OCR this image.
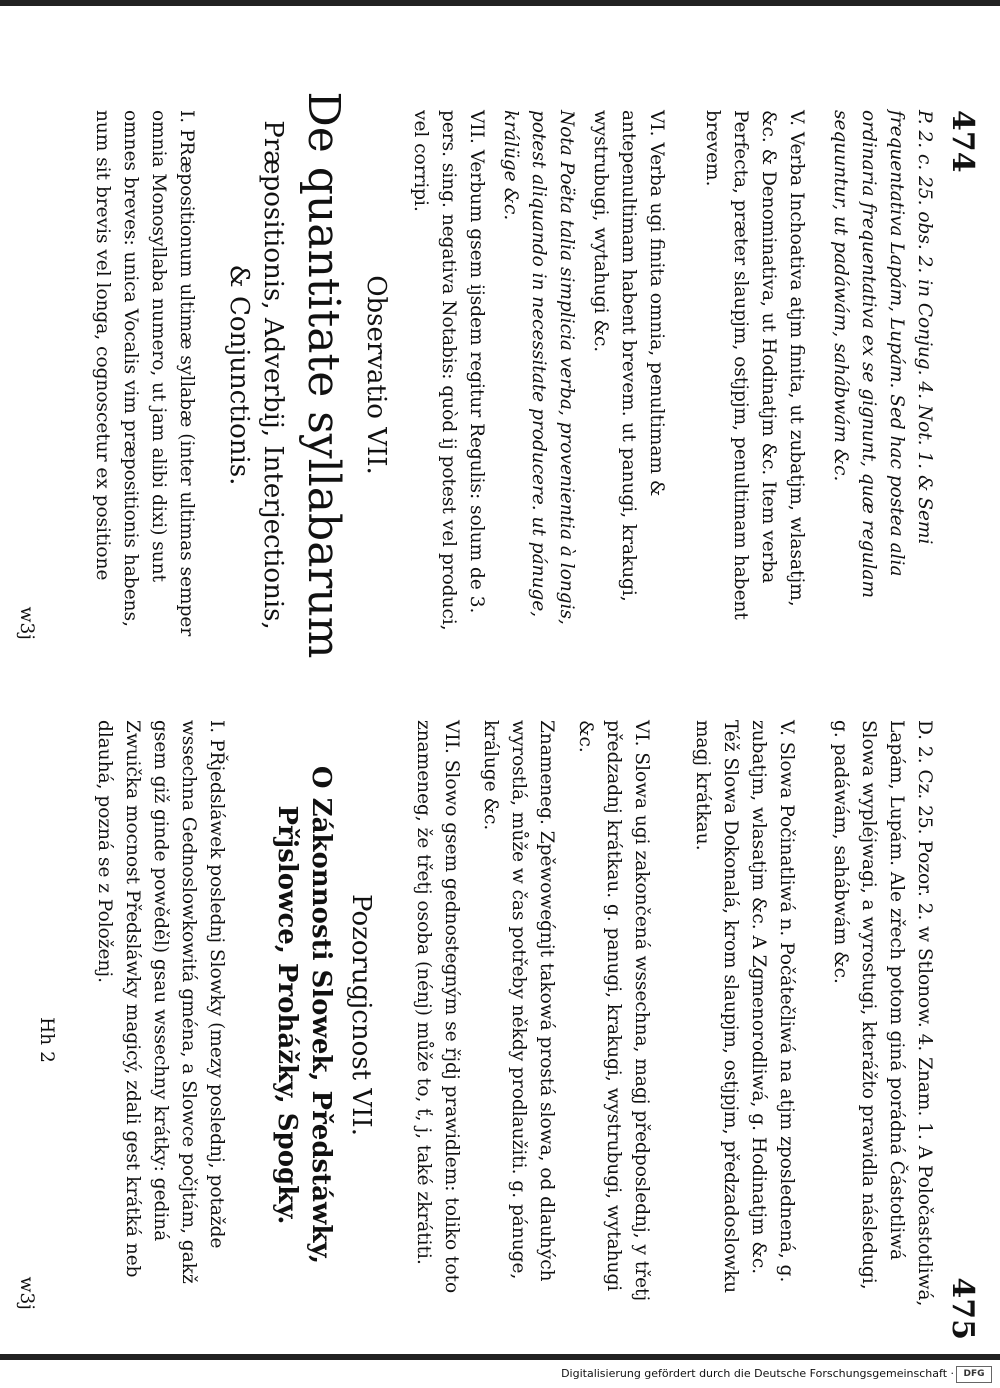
474
P. 2. c. 25. obs. 2. in Conjug. 4. Not. 1. & Semi frequentativa Lapám, Lupám. Sed hac postea alia ordinaria frequentativa ex se gignunt, quæ regulam sequuntur, ut padáwám, sahábwám &c.
V. Verba Inchoativa atjm finita, ut zubatjm, wlasatjm, &c. & Denominativa, ut Hodinatjm &c. Item verba Perfecta, præter slaupjm, ostjpjm, penultimam habent brevem.
VI. Verba ugi finita omnia, penultimam & antepenultimam habent brevem. ut panugi, krakugi, wystrubugi, wytahugi &c.
Nota Poëta talia simplicia verba, provenientia à longis, potest aliquando in necessitate producere. ut pánuge, králüge &c.
VII. Verbum gsem ijsdem regitur Regulis: solum de 3. pers. sing. negativa Notabis: quòd ij potest vel produci, vel corripi.
Observatio VII.
De quantitate syllabarum
Præpositionis, Adverbij, Interjectionis, & Conjunctionis.
I. PRæpositionum ultimæ syllabæ (inter ultimas semper omnia Monosyllaba numero, ut jam alibi dixi) sunt omnes breves: unica Vocalis vim præpositionis habens, num sit brevis vel longa, cognoscetur ex positione
w3j
475
D. 2. Cz. 25. Pozor. 2. w Stlonow. 4. Znam. 1. A Poločastotliwá, Lapám, Lupám. Ale zřech potom giná porádná Částotliwá Slowa wypléjwagi, a wyrostugi, kterážto prawidla následugi, g. padáwám, sahábwám &c.
V. Slowa Počinatliwá n. Počátečliwá na atjm zposlednená, g. zubatjm, wlasatjm &c. A Zgmenorodliwá, g. Hodinatjm &c. Též Slowa Dokonalá, krom slaupjm, ostjpjm, předzadoslowku magj krátkau.
VI. Slowa ugi zakončená wssechna, magj předposlednj, y třetj předzadnj krátkau. g. panugi, krakugi, wystrubugi, wytahugi &c.
Znameneg. Zpěwoweǵnjt takowá prostá slowa, od dlauhých wyrostlá, může w čas potřeby někdy prodlaužiti. g. pánuge, králuge &c.
VII. Slowo gsem gednostegným se řjdj prawidlem: toliko toto znameneg, že třetj osoba (nénj) může to, ť, j, také zkrátiti.
Pozorugjcnost VII.
O Zákonnosti Slowek, Předstáwky, Přjslowce, Prohážky, Spogky.
I. PŘjedsláwek poslednj Slowky (mezy poslednj, potažde wssechna Gednoslowkowitá gména, a Slowce počjtám, gakž gsem giž ginde powěděl) gsau wssechny krátky: gediná Zwuička mocnost Předsláwky magicý, zdali gest krátká neb dlauhá, pozná se z Položenj.
Hh 2
w3j
Digitalisierung gefördert durch die Deutsche Forschungsgemeinschaft ·	DFG
